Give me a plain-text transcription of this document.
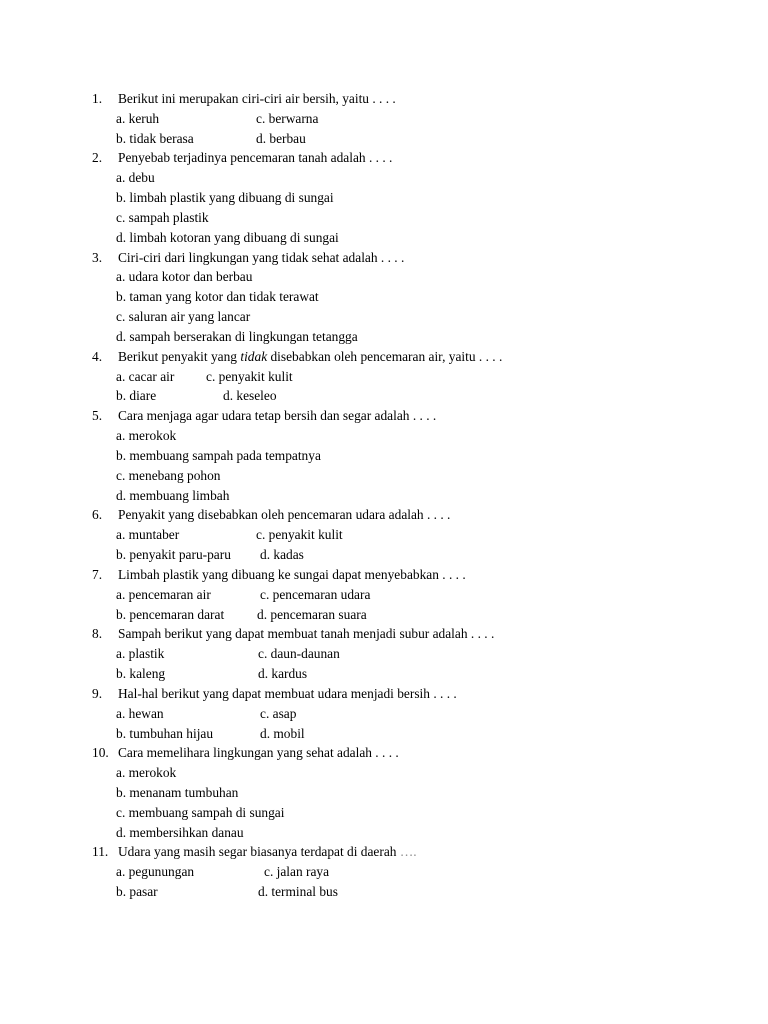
1. Berikut ini merupakan ciri-ciri air bersih, yaitu . . . .
a. keruh	c. berwarna
b. tidak berasa	d. berbau
2. Penyebab terjadinya pencemaran tanah adalah . . . .
a. debu
b. limbah plastik yang dibuang di sungai
c. sampah plastik
d. limbah kotoran yang dibuang di sungai
3. Ciri-ciri dari lingkungan yang tidak sehat adalah . . . .
a. udara kotor dan berbau
b. taman yang kotor dan tidak terawat
c. saluran air yang lancar
d. sampah berserakan di lingkungan tetangga
4. Berikut penyakit yang tidak disebabkan oleh pencemaran air, yaitu . . . .
a. cacar air c. penyakit kulit
b. diare	d. keseleo
5. Cara menjaga agar udara tetap bersih dan segar adalah . . . .
a. merokok
b. membuang sampah pada tempatnya
c. menebang pohon
d. membuang limbah
6. Penyakit yang disebabkan oleh pencemaran udara adalah . . . .
a. muntaber	c. penyakit kulit
b. penyakit paru-paru d. kadas
7. Limbah plastik yang dibuang ke sungai dapat menyebabkan . . . .
a. pencemaran air	c. pencemaran udara
b. pencemaran darat d. pencemaran suara
8. Sampah berikut yang dapat membuat tanah menjadi subur adalah . . . .
a. plastik	c. daun-daunan
b. kaleng	d. kardus
9. Hal-hal berikut yang dapat membuat udara menjadi bersih . . . .
a. hewan	c. asap
b. tumbuhan hijau	d. mobil
10. Cara memelihara lingkungan yang sehat adalah . . . .
a. merokok
b. menanam tumbuhan
c. membuang sampah di sungai
d. membersihkan danau
11. Udara yang masih segar biasanya terdapat di daerah ….
a. pegunungan	c. jalan raya
b. pasar	d. terminal bus
